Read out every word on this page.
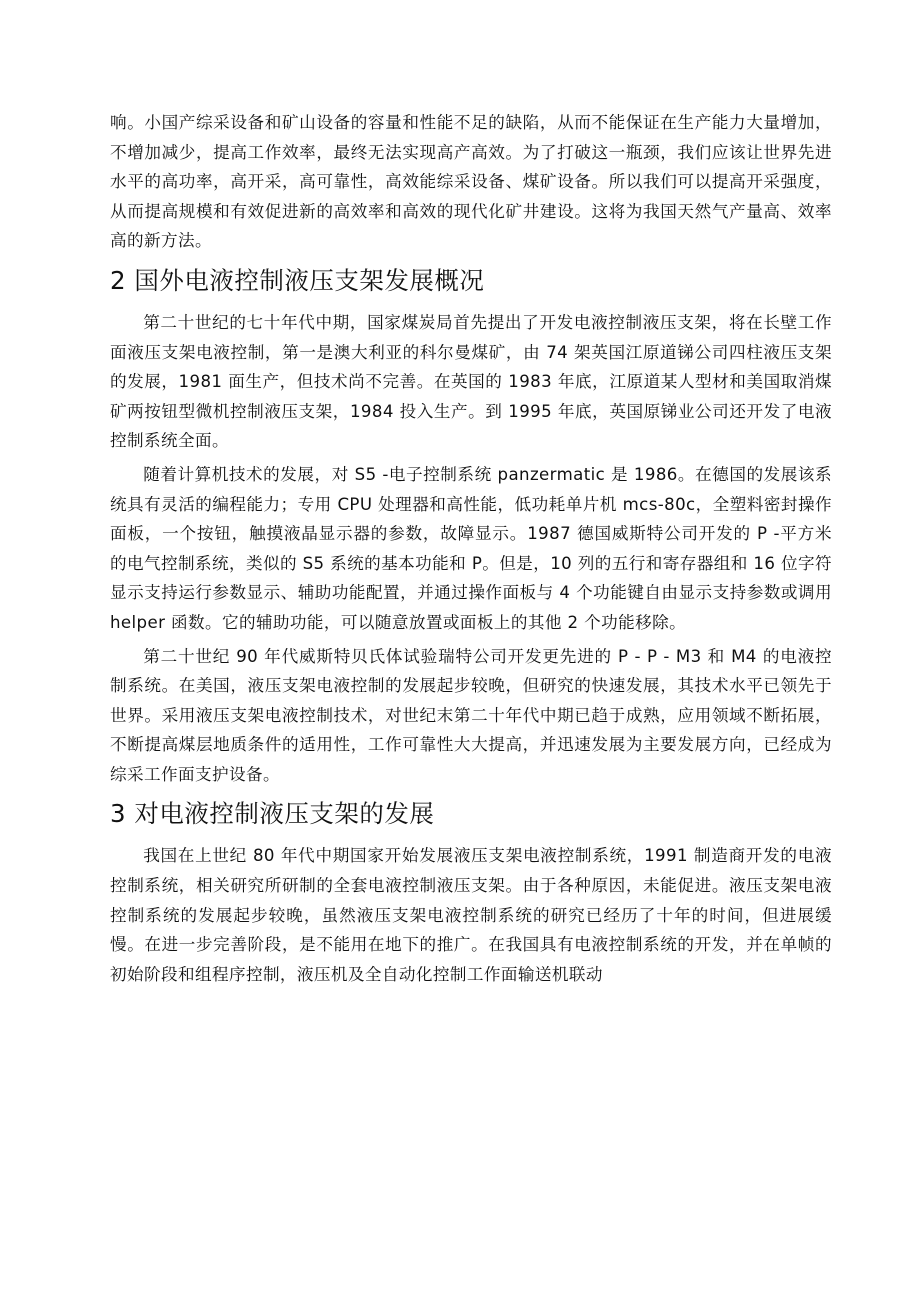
响。小国产综采设备和矿山设备的容量和性能不足的缺陷，从而不能保证在生产能力大量增加，不增加减少，提高工作效率，最终无法实现高产高效。为了打破这一瓶颈，我们应该让世界先进水平的高功率，高开采，高可靠性，高效能综采设备、煤矿设备。所以我们可以提高开采强度，从而提高规模和有效促进新的高效率和高效的现代化矿井建设。这将为我国天然气产量高、效率高的新方法。

2 国外电液控制液压支架发展概况

第二十世纪的七十年代中期，国家煤炭局首先提出了开发电液控制液压支架，将在长壁工作面液压支架电液控制，第一是澳大利亚的科尔曼煤矿，由 74 架英国江原道锑公司四柱液压支架的发展，1981 面生产，但技术尚不完善。在英国的 1983 年底，江原道某人型材和美国取消煤矿两按钮型微机控制液压支架，1984 投入生产。到 1995 年底，英国原锑业公司还开发了电液控制系统全面。

随着计算机技术的发展，对 S5 -电子控制系统 panzermatic 是 1986。在德国的发展该系统具有灵活的编程能力；专用 CPU 处理器和高性能，低功耗单片机 mcs-80c，全塑料密封操作面板，一个按钮，触摸液晶显示器的参数，故障显示。1987 德国威斯特公司开发的 P -平方米的电气控制系统，类似的 S5 系统的基本功能和 P。但是，10 列的五行和寄存器组和 16 位字符显示支持运行参数显示、辅助功能配置，并通过操作面板与 4 个功能键自由显示支持参数或调用 helper 函数。它的辅助功能，可以随意放置或面板上的其他 2 个功能移除。

第二十世纪 90 年代威斯特贝氏体试验瑞特公司开发更先进的 P - P - M3 和 M4 的电液控制系统。在美国，液压支架电液控制的发展起步较晚，但研究的快速发展，其技术水平已领先于世界。采用液压支架电液控制技术，对世纪末第二十年代中期已趋于成熟，应用领域不断拓展，不断提高煤层地质条件的适用性，工作可靠性大大提高，并迅速发展为主要发展方向，已经成为综采工作面支护设备。

3 对电液控制液压支架的发展

我国在上世纪 80 年代中期国家开始发展液压支架电液控制系统，1991 制造商开发的电液控制系统，相关研究所研制的全套电液控制液压支架。由于各种原因，未能促进。液压支架电液控制系统的发展起步较晚，虽然液压支架电液控制系统的研究已经历了十年的时间，但进展缓慢。在进一步完善阶段，是不能用在地下的推广。在我国具有电液控制系统的开发，并在单帧的初始阶段和组程序控制，液压机及全自动化控制工作面输送机联动
